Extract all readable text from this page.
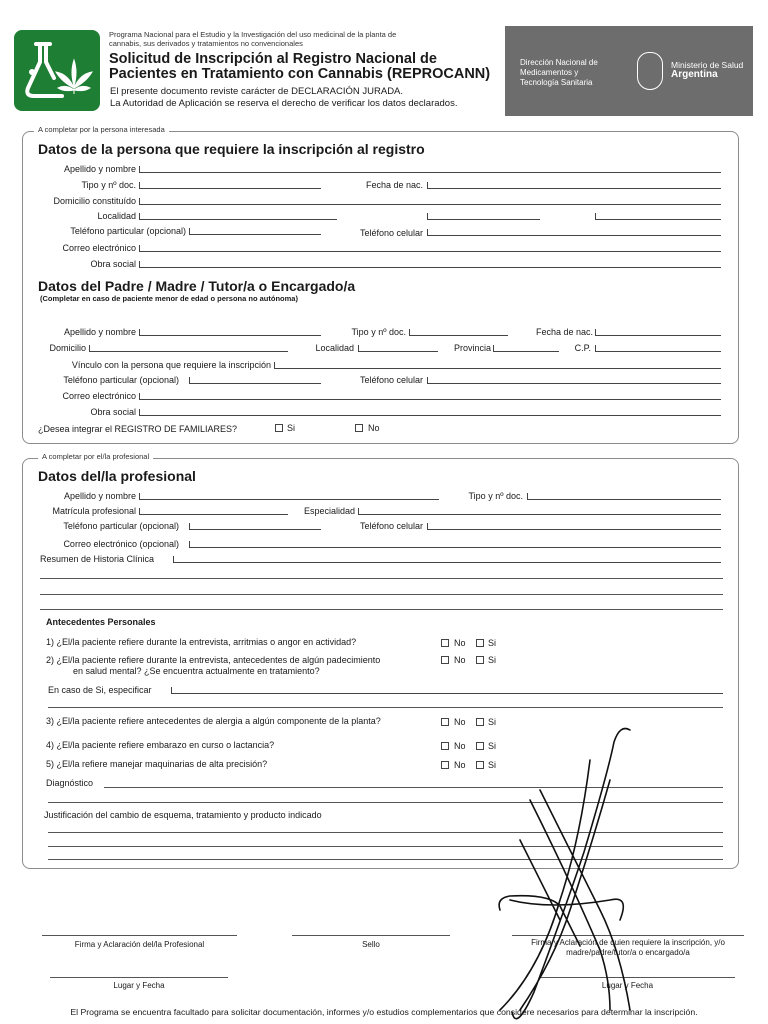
Programa Nacional para el Estudio y la Investigación del uso medicinal de la planta de cannabis, sus derivados y tratamientos no convencionales
Solicitud de Inscripción al Registro Nacional de
Pacientes en Tratamiento con Cannabis (REPROCANN)
El presente documento reviste carácter de DECLARACIÓN JURADA.
La Autoridad de Aplicación se reserva el derecho de verificar los datos declarados.
Dirección Nacional de
Medicamentos y
Tecnología Sanitaria
Ministerio de Salud
Argentina
A completar por la persona interesada
Datos de la persona que requiere la inscripción al registro
Apellido y nombre
Tipo y nº doc.	Fecha de nac.
Domicilio constituído
Localidad
Teléfono particular (opcional)	Teléfono celular
Correo electrónico
Obra social
Datos del Padre / Madre / Tutor/a o Encargado/a
(Completar en caso de paciente menor de edad o persona no autónoma)
Apellido y nombre	Tipo y nº doc.	Fecha de nac.
Domicilio	Localidad	Provincia	C.P.
Vínculo con la persona que requiere la inscripción
Teléfono particular (opcional)	Teléfono celular
Correo electrónico
Obra social
¿Desea integrar el REGISTRO DE FAMILIARES?	Si	No
A completar por el/la profesional
Datos del/la profesional
Apellido y nombre	Tipo y nº doc.
Matrícula profesional	Especialidad
Teléfono particular (opcional)	Teléfono celular
Correo electrónico (opcional)
Resumen de Historia Clínica
Antecedentes Personales
1) ¿El/la paciente refiere durante la entrevista, arritmias o angor en actividad?	No Si
2) ¿El/la paciente refiere durante la entrevista, antecedentes de algún padecimiento
en salud mental? ¿Se encuentra actualmente en tratamiento?
No Si
En caso de Si, especificar
3) ¿El/la paciente refiere antecedentes de alergia a algún componente de la planta?	No Si
4) ¿El/la paciente refiere embarazo en curso o lactancia?	No Si
5) ¿El/la refiere manejar maquinarias de alta precisión?	No Si
Diagnóstico
Justificación del cambio de esquema, tratamiento y producto indicado
Firma y Aclaración del/la Profesional	Sello	Firma y Aclaración de quien requiere la inscripción, y/o
madre/padre/tutor/a o encargado/a
Lugar y Fecha	Lugar y Fecha
El Programa se encuentra facultado para solicitar documentación, informes y/o estudios complementarios que considere necesarios para determinar la inscripción.
